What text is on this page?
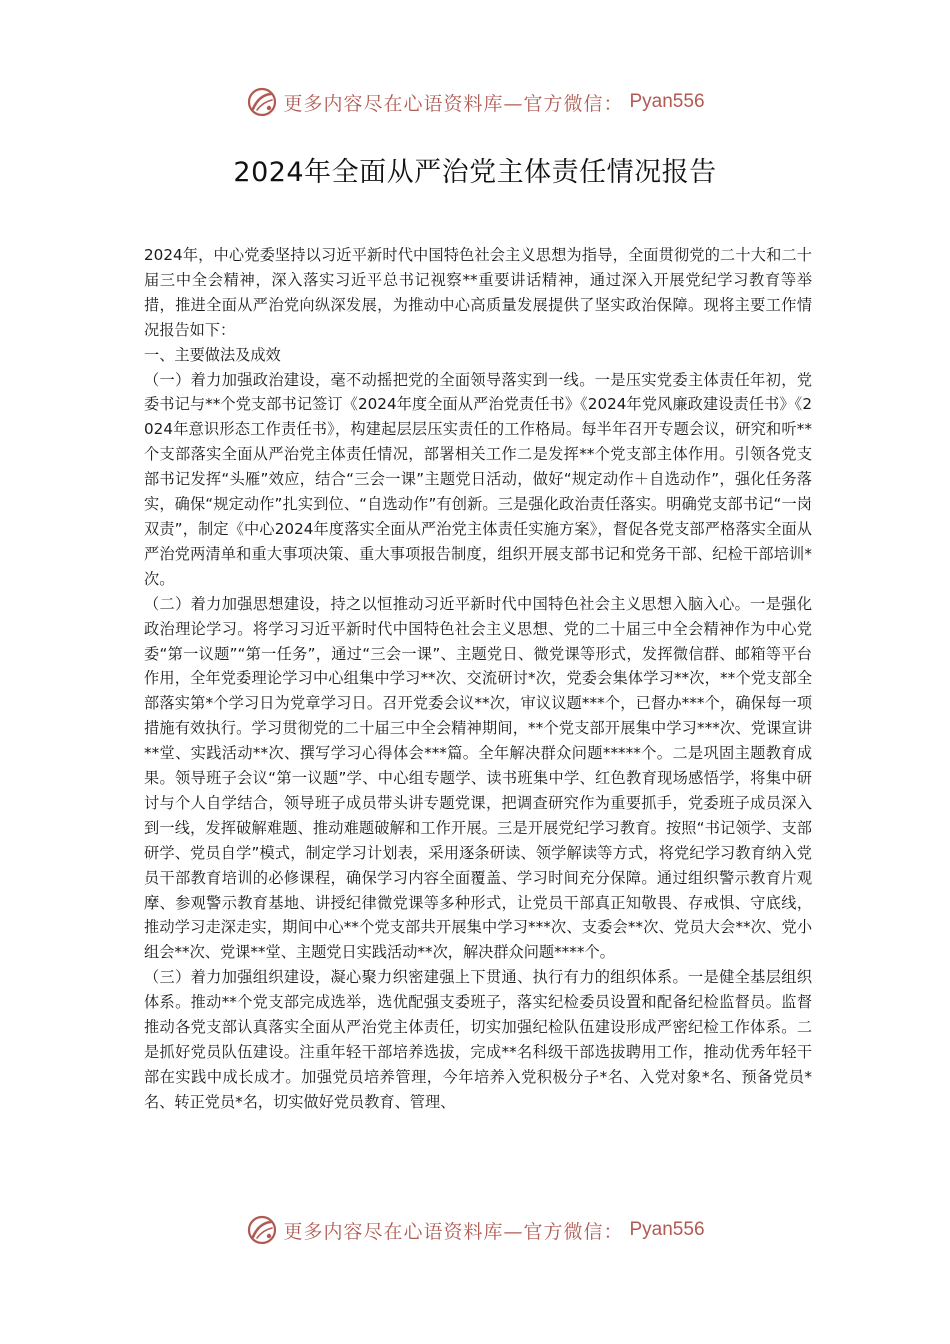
更多内容尽在心语资料库—官方微信： Pyan556
2024年全面从严治党主体责任情况报告

2024年，中心党委坚持以习近平新时代中国特色社会主义思想为指导，全面贯彻党的二十大和二十届三中全会精神，深入落实习近平总书记视察**重要讲话精神，通过深入开展党纪学习教育等举措，推进全面从严治党向纵深发展，为推动中心高质量发展提供了坚实政治保障。现将主要工作情况报告如下：

一、主要做法及成效

（一）着力加强政治建设，毫不动摇把党的全面领导落实到一线。一是压实党委主体责任年初，党委书记与**个党支部书记签订《2024年度全面从严治党责任书》《2024年党风廉政建设责任书》《2024年意识形态工作责任书》，构建起层层压实责任的工作格局。每半年召开专题会议，研究和听**个支部落实全面从严治党主体责任情况，部署相关工作二是发挥**个党支部主体作用。引领各党支部书记发挥“头雁”效应，结合“三会一课”主题党日活动，做好“规定动作＋自选动作”，强化任务落实，确保“规定动作”扎实到位、“自选动作”有创新。三是强化政治责任落实。明确党支部书记“一岗双责”，制定《中心2024年度落实全面从严治党主体责任实施方案》，督促各党支部严格落实全面从严治党两清单和重大事项决策、重大事项报告制度，组织开展支部书记和党务干部、纪检干部培训*次。

（二）着力加强思想建设，持之以恒推动习近平新时代中国特色社会主义思想入脑入心。一是强化政治理论学习。将学习习近平新时代中国特色社会主义思想、党的二十届三中全会精神作为中心党委“第一议题”“第一任务”，通过“三会一课”、主题党日、微党课等形式，发挥微信群、邮箱等平台作用，全年党委理论学习中心组集中学习**次、交流研讨*次，党委会集体学习**次，**个党支部全部落实第*个学习日为党章学习日。召开党委会议**次，审议议题***个，已督办***个，确保每一项措施有效执行。学习贯彻党的二十届三中全会精神期间，**个党支部开展集中学习***次、党课宣讲**堂、实践活动**次、撰写学习心得体会***篇。全年解决群众问题*****个。二是巩固主题教育成果。领导班子会议“第一议题”学、中心组专题学、读书班集中学、红色教育现场感悟学，将集中研讨与个人自学结合，领导班子成员带头讲专题党课，把调查研究作为重要抓手，党委班子成员深入到一线，发挥破解难题、推动难题破解和工作开展。三是开展党纪学习教育。按照“书记领学、支部研学、党员自学”模式，制定学习计划表，采用逐条研读、领学解读等方式，将党纪学习教育纳入党员干部教育培训的必修课程，确保学习内容全面覆盖、学习时间充分保障。通过组织警示教育片观摩、参观警示教育基地、讲授纪律微党课等多种形式，让党员干部真正知敬畏、存戒惧、守底线，推动学习走深走实，期间中心**个党支部共开展集中学习***次、支委会**次、党员大会**次、党小组会**次、党课**堂、主题党日实践活动**次，解决群众问题****个。

（三）着力加强组织建设，凝心聚力织密建强上下贯通、执行有力的组织体系。一是健全基层组织体系。推动**个党支部完成选举，选优配强支委班子，落实纪检委员设置和配备纪检监督员。监督推动各党支部认真落实全面从严治党主体责任，切实加强纪检队伍建设形成严密纪检工作体系。二是抓好党员队伍建设。注重年轻干部培养选拔，完成**名科级干部选拔聘用工作，推动优秀年轻干部在实践中成长成才。加强党员培养管理，今年培养入党积极分子*名、入党对象*名、预备党员*名、转正党员*名，切实做好党员教育、管理、

更多内容尽在心语资料库—官方微信： Pyan556
